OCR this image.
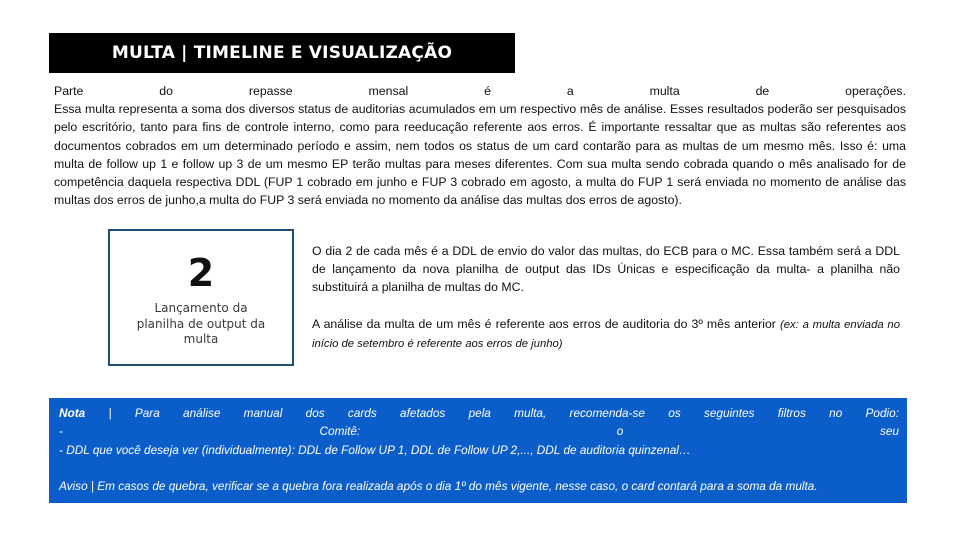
MULTA | TIMELINE E VISUALIZAÇÃO

Parte do repasse mensal é a multa de operações.

Essa multa representa a soma dos diversos status de auditorias acumulados em um respectivo mês de análise. Esses resultados poderão ser pesquisados pelo escritório, tanto para fins de controle interno, como para reeducação referente aos erros. É importante ressaltar que as multas são referentes aos documentos cobrados em um determinado período e assim, nem todos os status de um card contarão para as multas de um mesmo mês. Isso é: uma multa de follow up 1 e follow up 3 de um mesmo EP terão multas para meses diferentes. Com sua multa sendo cobrada quando o mês analisado for de competência daquela respectiva DDL (FUP 1 cobrado em junho e FUP 3 cobrado em agosto, a multa do FUP 1 será enviada no momento de análise das multas dos erros de junho,a multa do FUP 3 será enviada no momento da análise das multas dos erros de agosto).

2
Lançamento da planilha de output da multa

O dia 2 de cada mês é a DDL de envio do valor das multas, do ECB para o MC. Essa também será a DDL de lançamento da nova planilha de output das IDs Únicas e especificação da multa- a planilha não substituirá a planilha de multas do MC.

A análise da multa de um mês é referente aos erros de auditoria do 3º mês anterior (ex: a multa enviada no início de setembro é referente aos erros de junho)

Nota | Para análise manual dos cards afetados pela multa, recomenda-se os seguintes filtros no Podio:

- Comitê: o seu

- DDL que você deseja ver (individualmente): DDL de Follow UP 1, DDL de Follow UP 2,..., DDL de auditoria quinzenal…

Aviso | Em casos de quebra, verificar se a quebra fora realizada após o dia 1º do mês vigente, nesse caso, o card contará para a soma da multa.
